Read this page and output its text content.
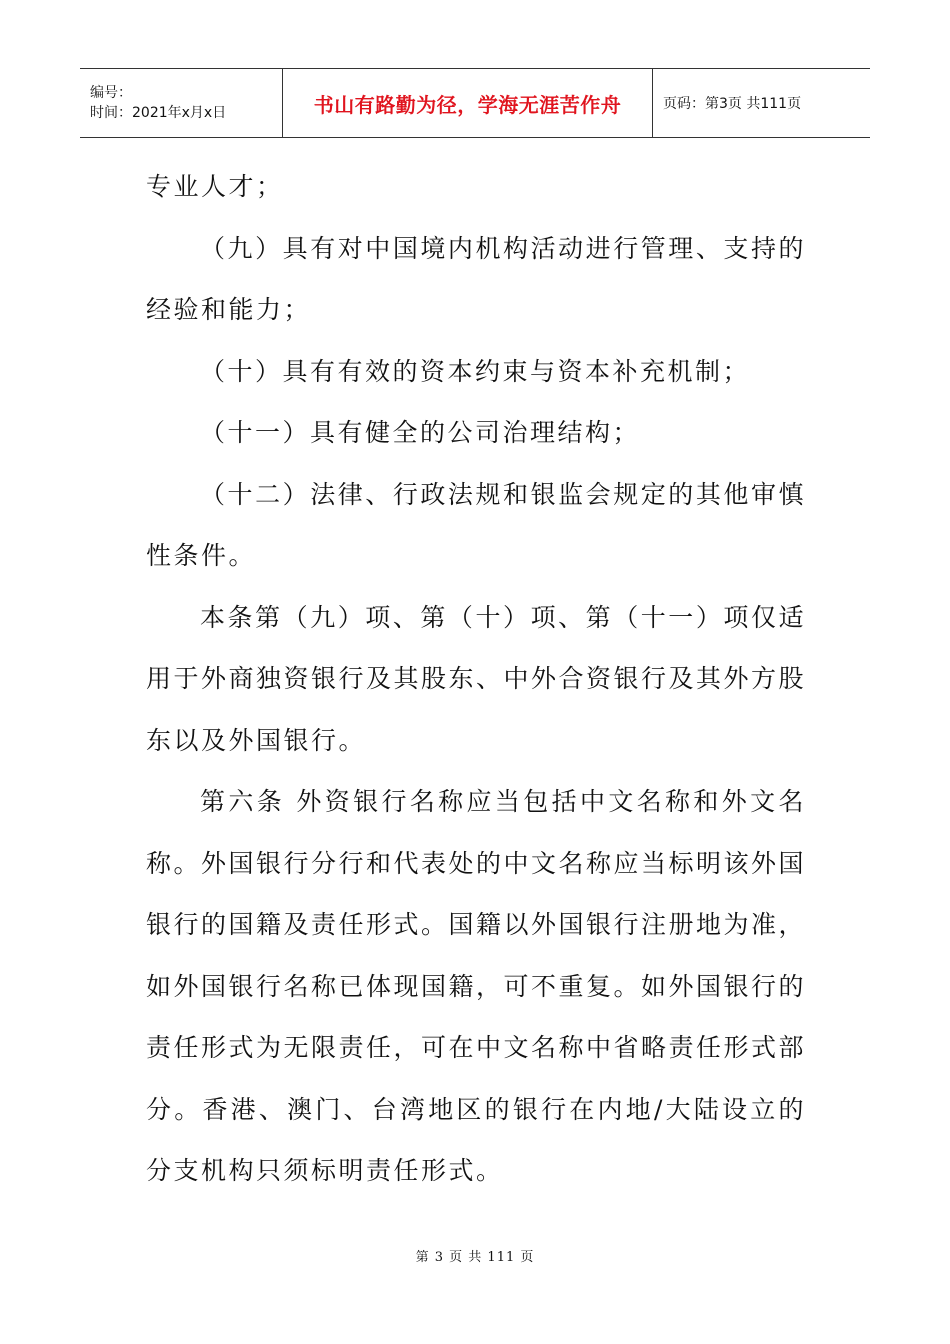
编号：
时间：2021年x月x日	书山有路勤为径，学海无涯苦作舟	页码：第3页 共111页

专业人才；

（九）具有对中国境内机构活动进行管理、支持的经验和能力；

（十）具有有效的资本约束与资本补充机制；

（十一）具有健全的公司治理结构；

（十二）法律、行政法规和银监会规定的其他审慎性条件。

本条第（九）项、第（十）项、第（十一）项仅适用于外商独资银行及其股东、中外合资银行及其外方股东以及外国银行。

第六条 外资银行名称应当包括中文名称和外文名称。外国银行分行和代表处的中文名称应当标明该外国银行的国籍及责任形式。国籍以外国银行注册地为准，如外国银行名称已体现国籍，可不重复。如外国银行的责任形式为无限责任，可在中文名称中省略责任形式部分。香港、澳门、台湾地区的银行在内地/大陆设立的分支机构只须标明责任形式。

第 3 页 共 111 页
